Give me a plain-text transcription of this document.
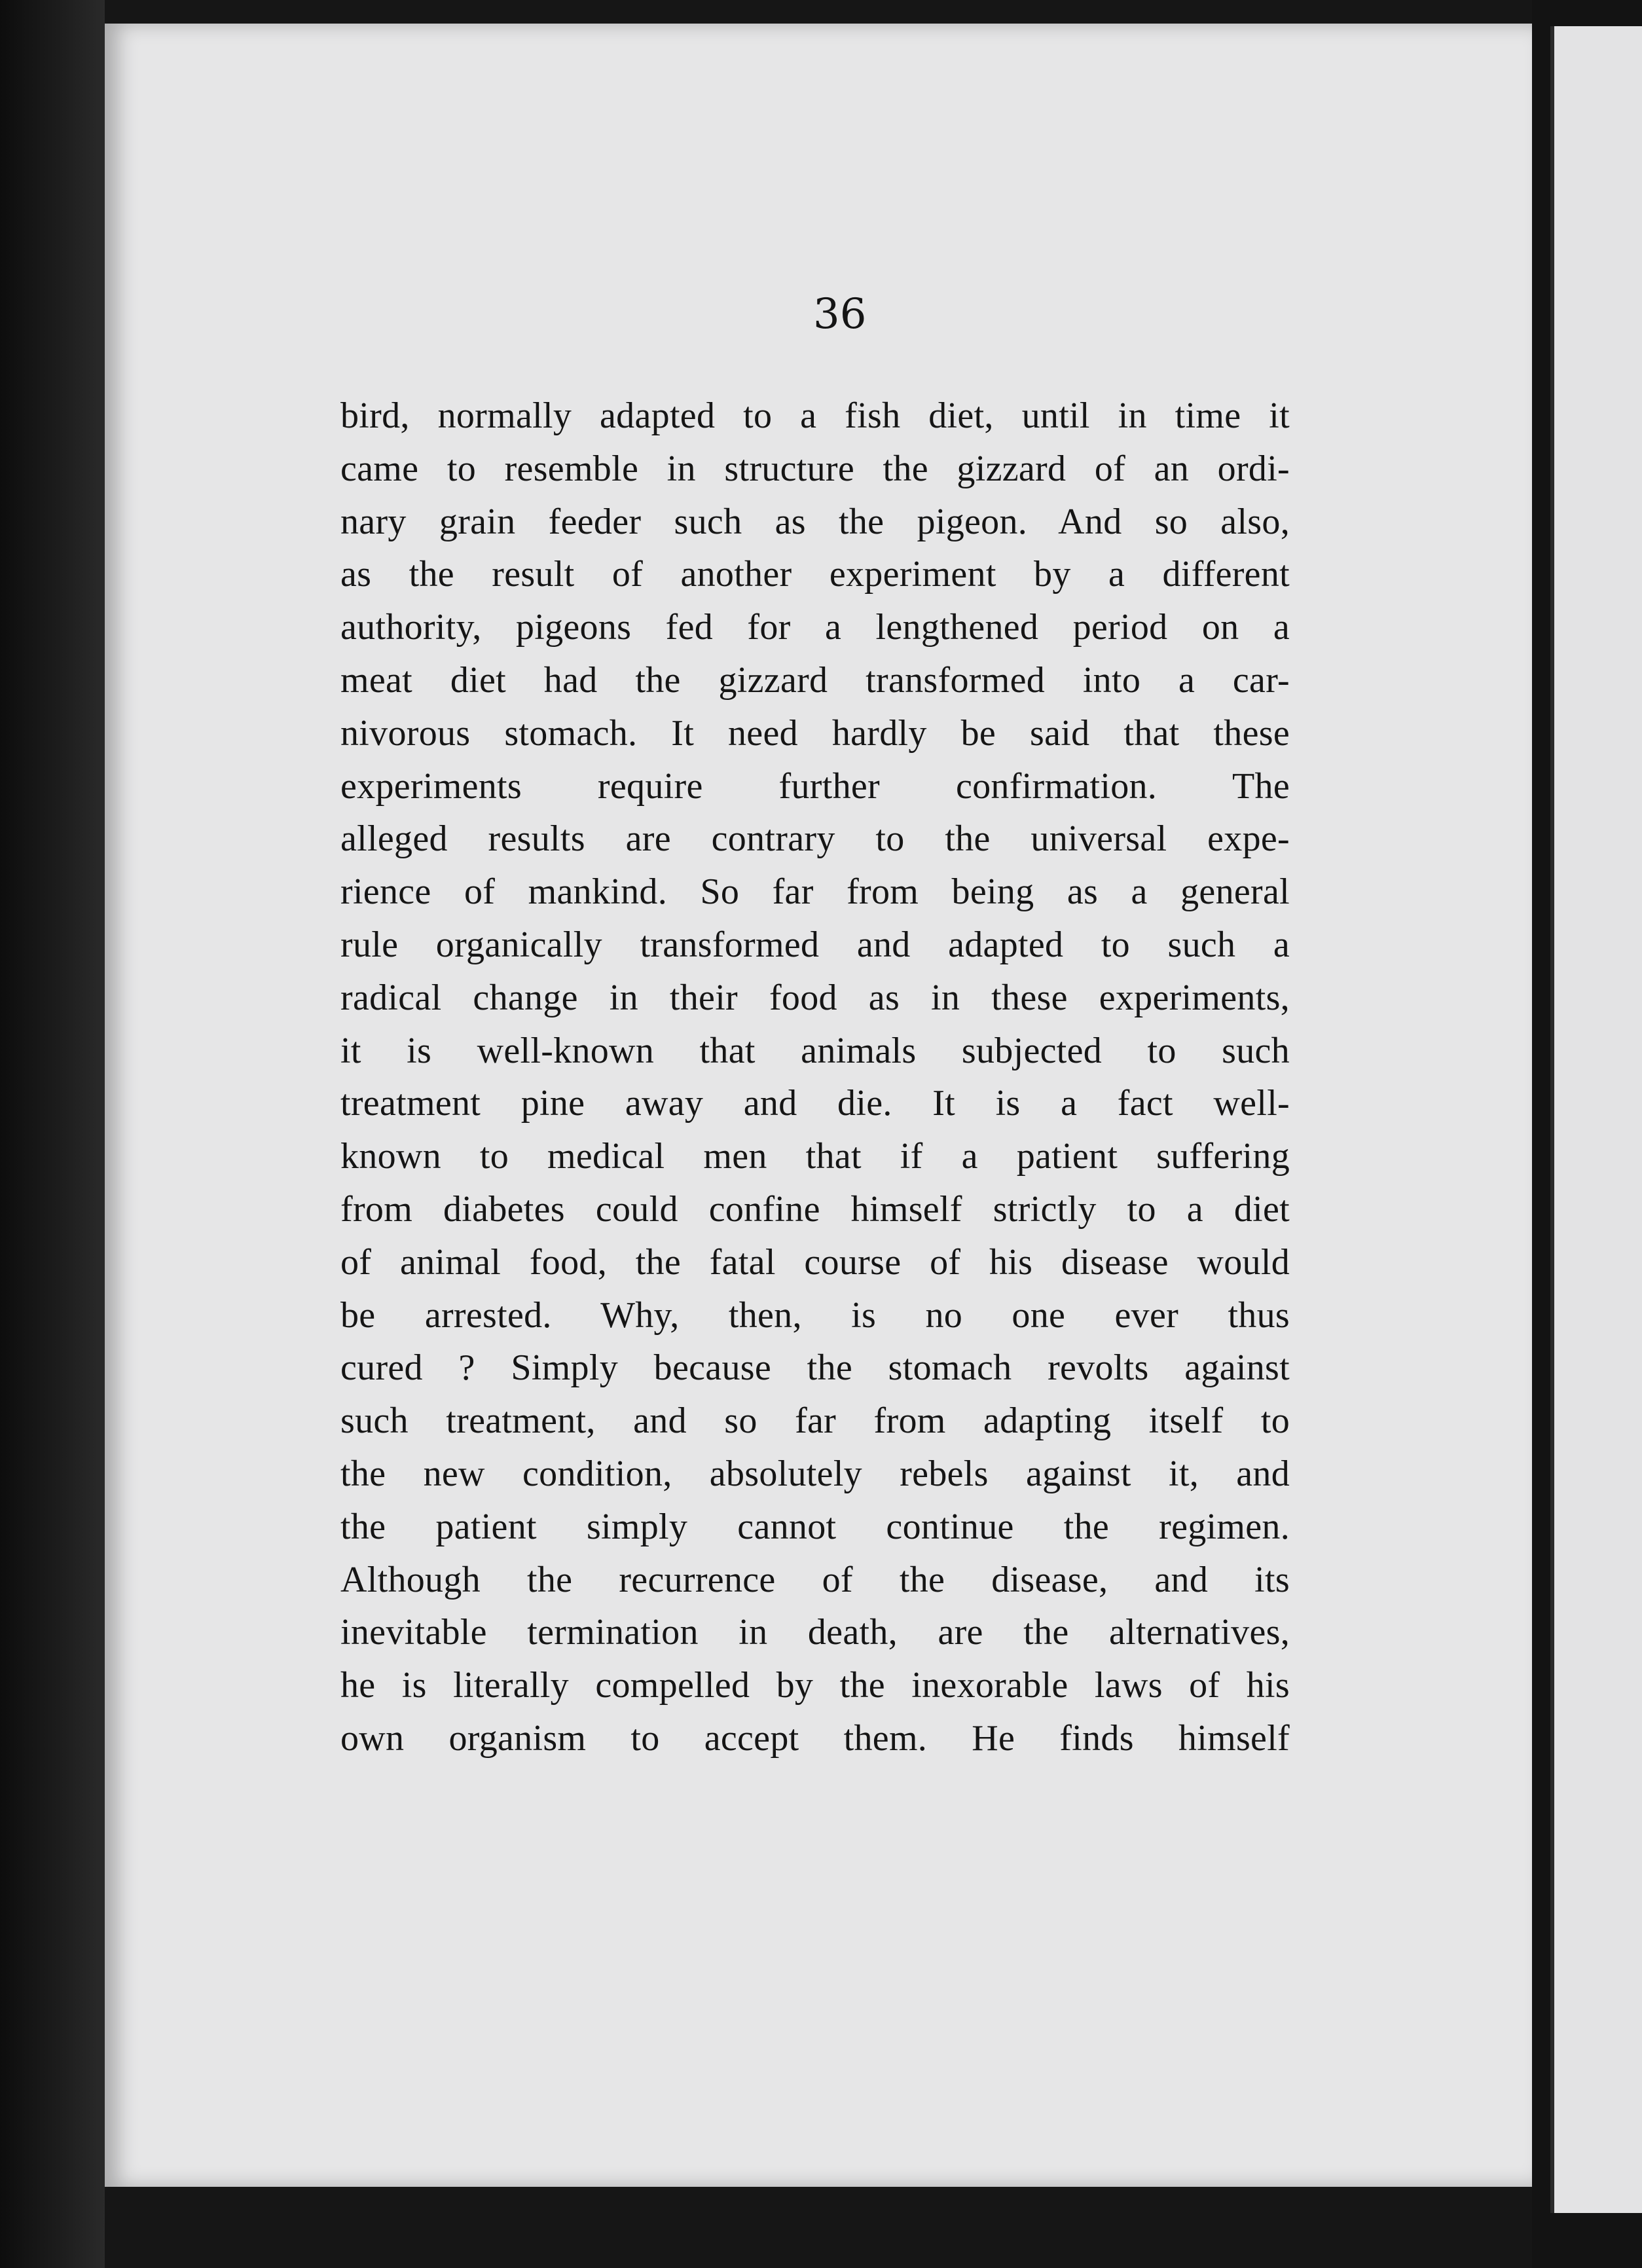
36

bird, normally adapted to a fish diet, until in time it
came to resemble in structure the gizzard of an ordi-
nary grain feeder such as the pigeon. And so also,
as the result of another experiment by a different
authority, pigeons fed for a lengthened period on a
meat diet had the gizzard transformed into a car-
nivorous stomach. It need hardly be said that these
experiments require further confirmation. The
alleged results are contrary to the universal expe-
rience of mankind. So far from being as a general
rule organically transformed and adapted to such a
radical change in their food as in these experiments,
it is well-known that animals subjected to such
treatment pine away and die. It is a fact well-
known to medical men that if a patient suffering
from diabetes could confine himself strictly to a diet
of animal food, the fatal course of his disease would
be arrested. Why, then, is no one ever thus
cured ? Simply because the stomach revolts against
such treatment, and so far from adapting itself to
the new condition, absolutely rebels against it, and
the patient simply cannot continue the regimen.
Although the recurrence of the disease, and its
inevitable termination in death, are the alternatives,
he is literally compelled by the inexorable laws of his
own organism to accept them. He finds himself
